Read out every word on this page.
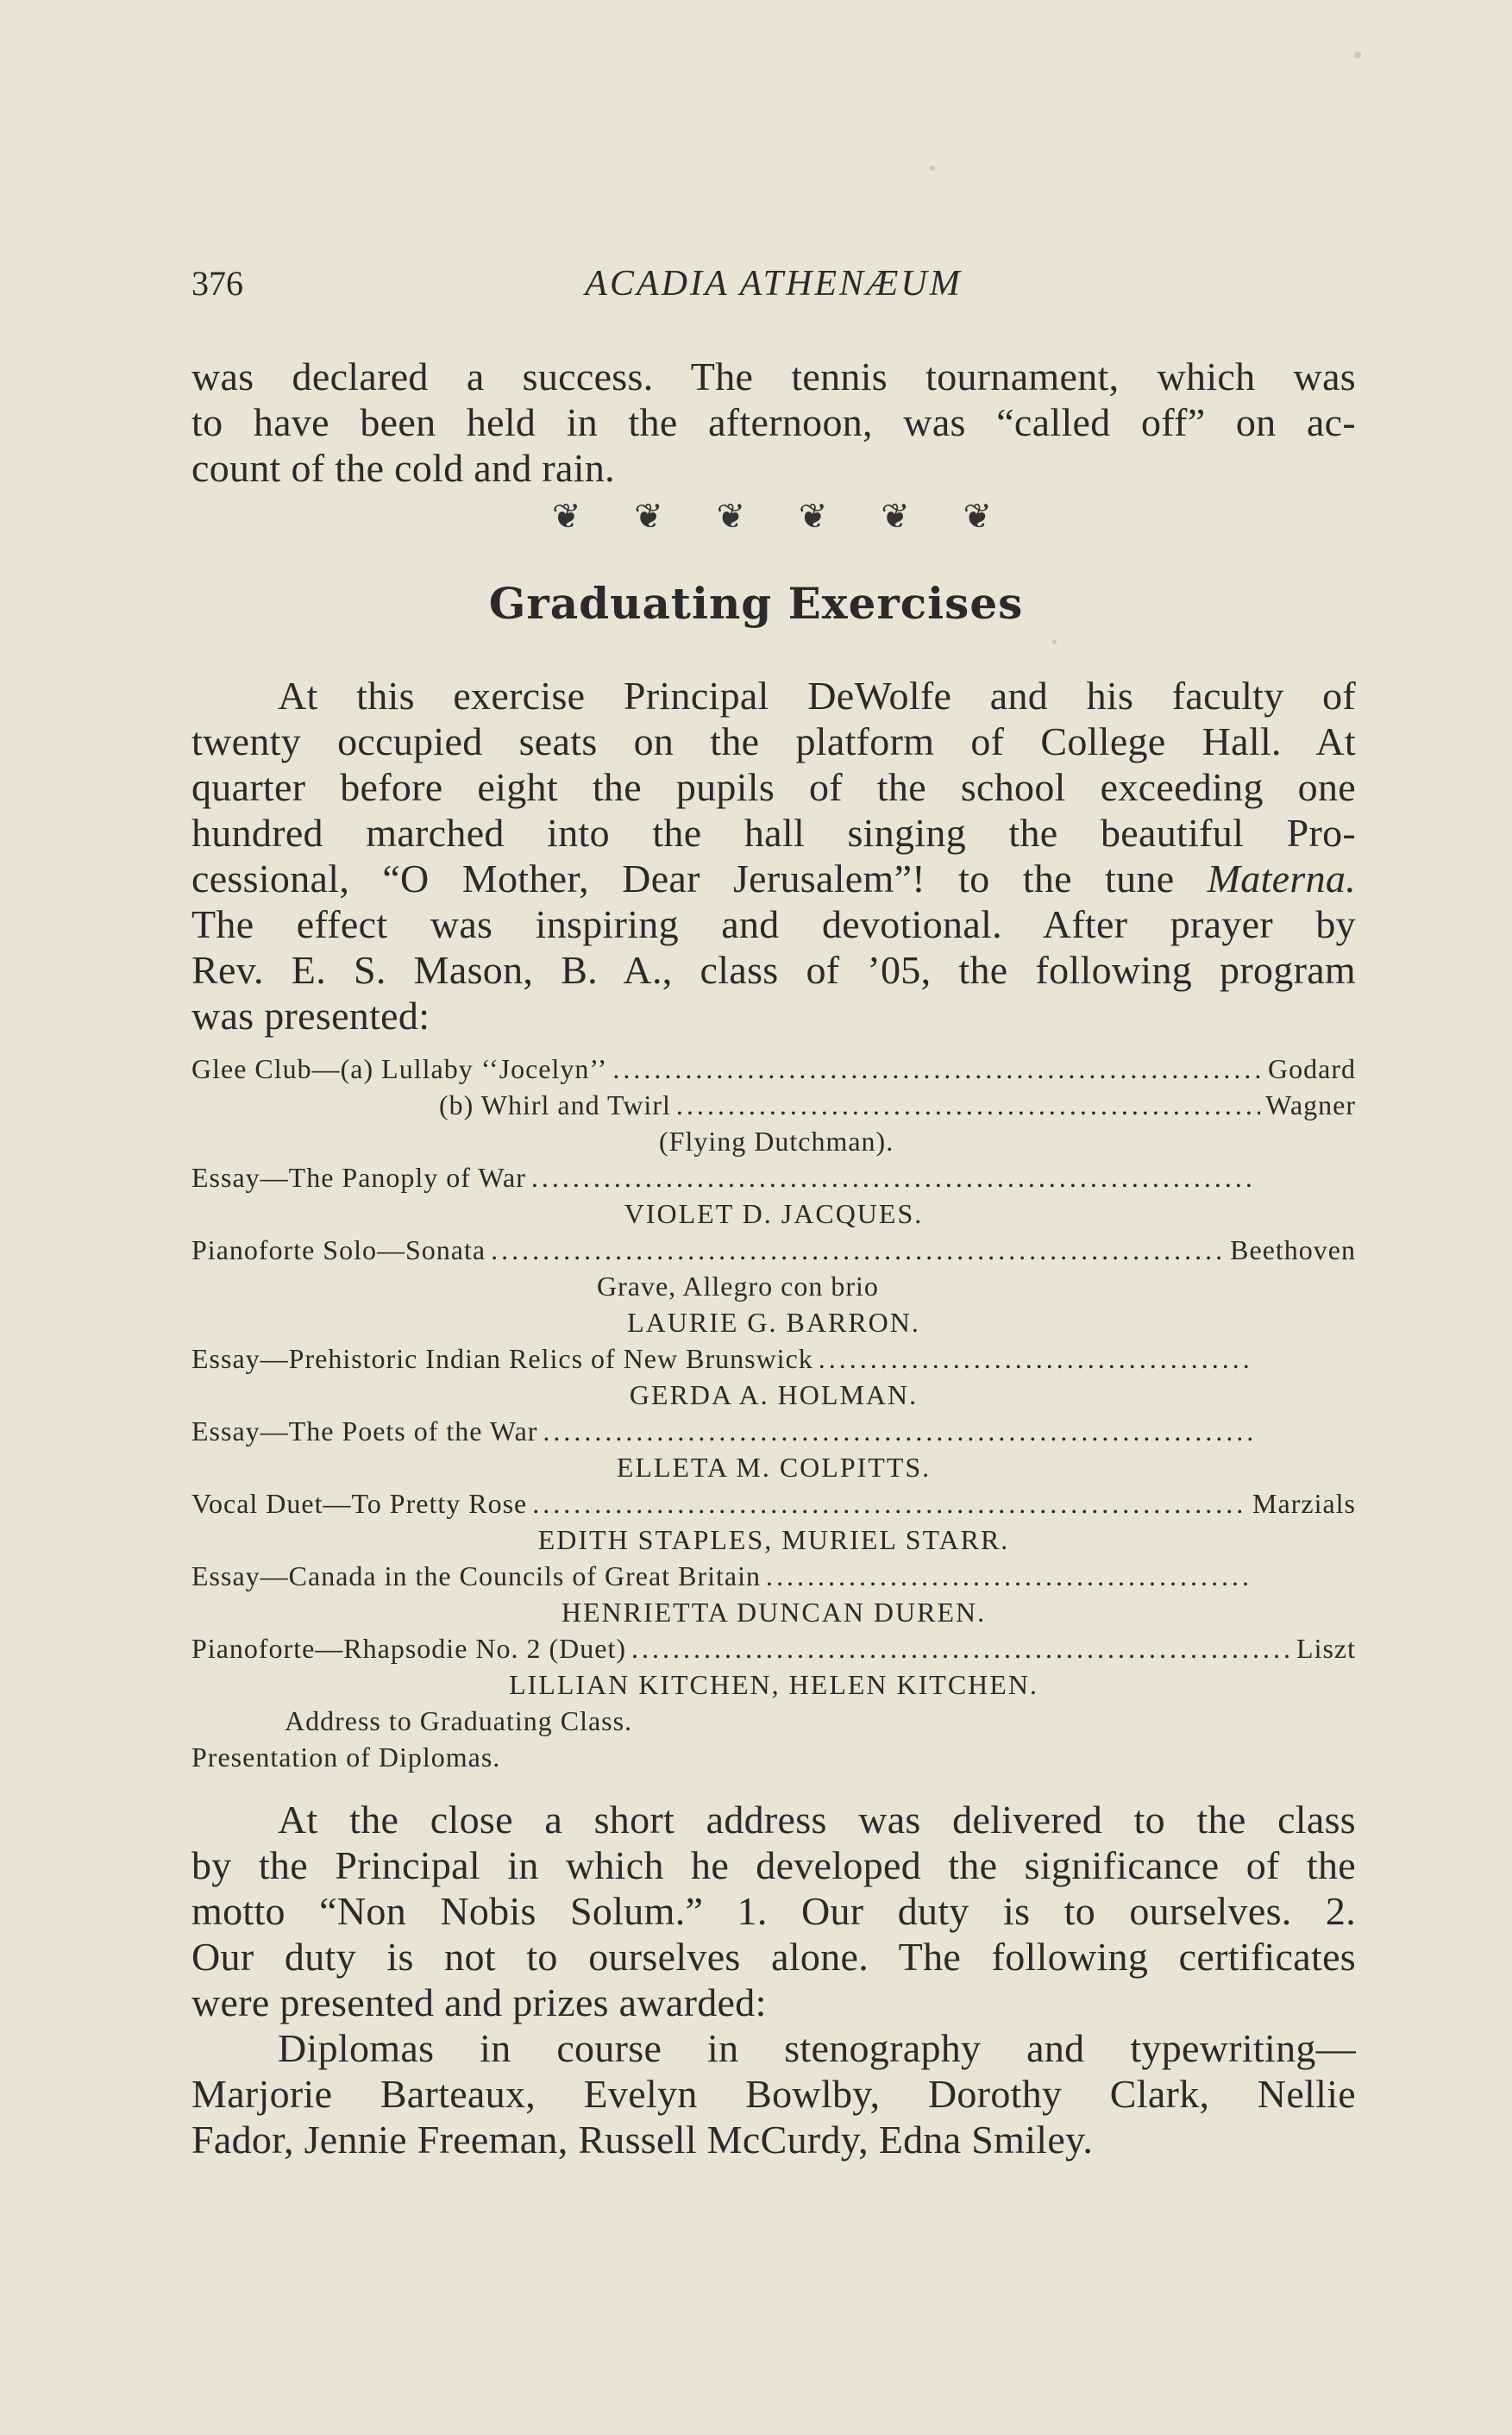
376	ACADIA ATHENÆUM
was declared a success. The tennis tournament, which was
to have been held in the afternoon, was “called off” on ac-
count of the cold and rain.
❦ ❦ ❦ ❦ ❦ ❦
Graduating Exercises
At this exercise Principal DeWolfe and his faculty of
twenty occupied seats on the platform of College Hall. At
quarter before eight the pupils of the school exceeding one
hundred marched into the hall singing the beautiful Pro-
cessional, “O Mother, Dear Jerusalem”! to the tune Materna.
The effect was inspiring and devotional. After prayer by
Rev. E. S. Mason, B. A., class of ’05, the following program
was presented:
Glee Club—(a) Lullaby ‘‘Jocelyn’’ . . .	Godard
(b) Whirl and Twirl . . .	Wagner
(Flying Dutchman).
Essay—The Panoply of War
. . .
VIOLET D. JACQUES.
Pianoforte Solo—Sonata . . .	Beethoven
Grave, Allegro con brio
LAURIE G. BARRON.
Essay—Prehistoric Indian Relics of New Brunswick
. . .
GERDA A. HOLMAN.
Essay—The Poets of the War
. . .
ELLETA M. COLPITTS.
Vocal Duet—To Pretty Rose . . .	Marzials
EDITH STAPLES, MURIEL STARR.
Essay—Canada in the Councils of Great Britain
. . .
HENRIETTA DUNCAN DUREN.
Pianoforte—Rhapsodie No. 2 (Duet) . . .	Liszt
LILLIAN KITCHEN, HELEN KITCHEN.
Address to Graduating Class.
Presentation of Diplomas.
At the close a short address was delivered to the class
by the Principal in which he developed the significance of the
motto “Non Nobis Solum.” 1. Our duty is to ourselves. 2.
Our duty is not to ourselves alone. The following certificates
were presented and prizes awarded:
Diplomas in course in stenography and typewriting—
Marjorie Barteaux, Evelyn Bowlby, Dorothy Clark, Nellie
Fador, Jennie Freeman, Russell McCurdy, Edna Smiley.
